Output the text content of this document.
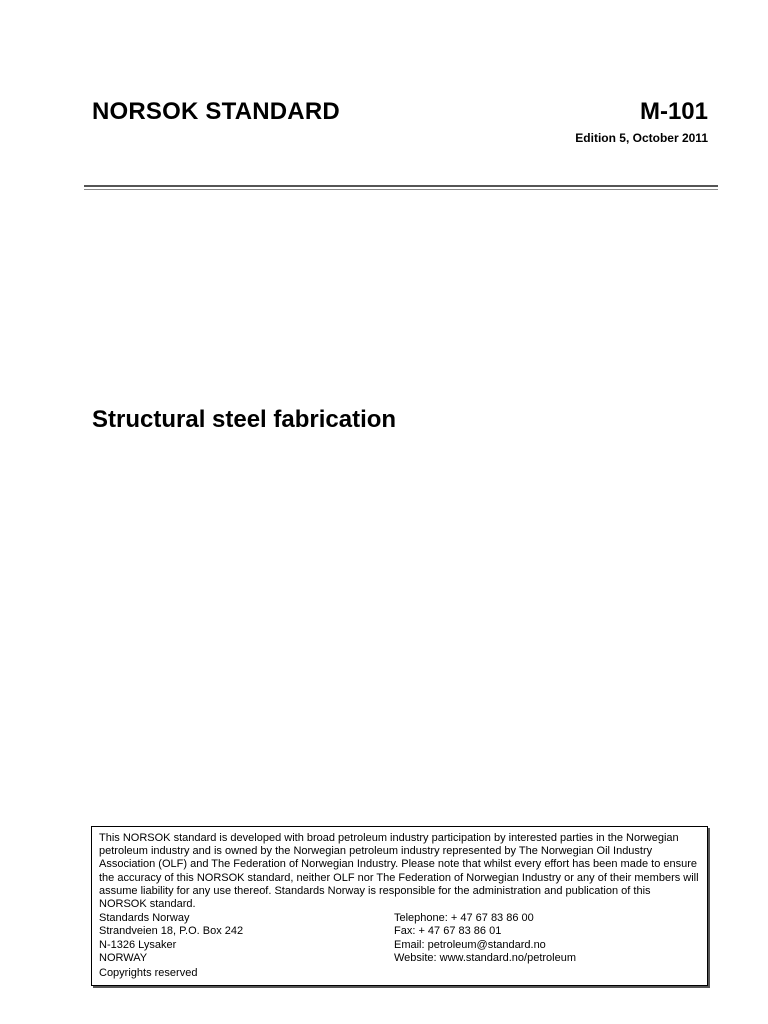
NORSOK STANDARD	M-101
Edition 5, October 2011
Structural steel fabrication

This NORSOK standard is developed with broad petroleum industry participation by interested parties in the Norwegian petroleum industry and is owned by the Norwegian petroleum industry represented by The Norwegian Oil Industry Association (OLF) and The Federation of Norwegian Industry. Please note that whilst every effort has been made to ensure the accuracy of this NORSOK standard, neither OLF nor The Federation of Norwegian Industry or any of their members will assume liability for any use thereof. Standards Norway is responsible for the administration and publication of this NORSOK standard.

Standards Norway
Strandveien 18, P.O. Box 242
N-1326 Lysaker
NORWAY
Telephone: + 47 67 83 86 00
Fax: + 47 67 83 86 01
Email: petroleum@standard.no
Website: www.standard.no/petroleum
Copyrights reserved
